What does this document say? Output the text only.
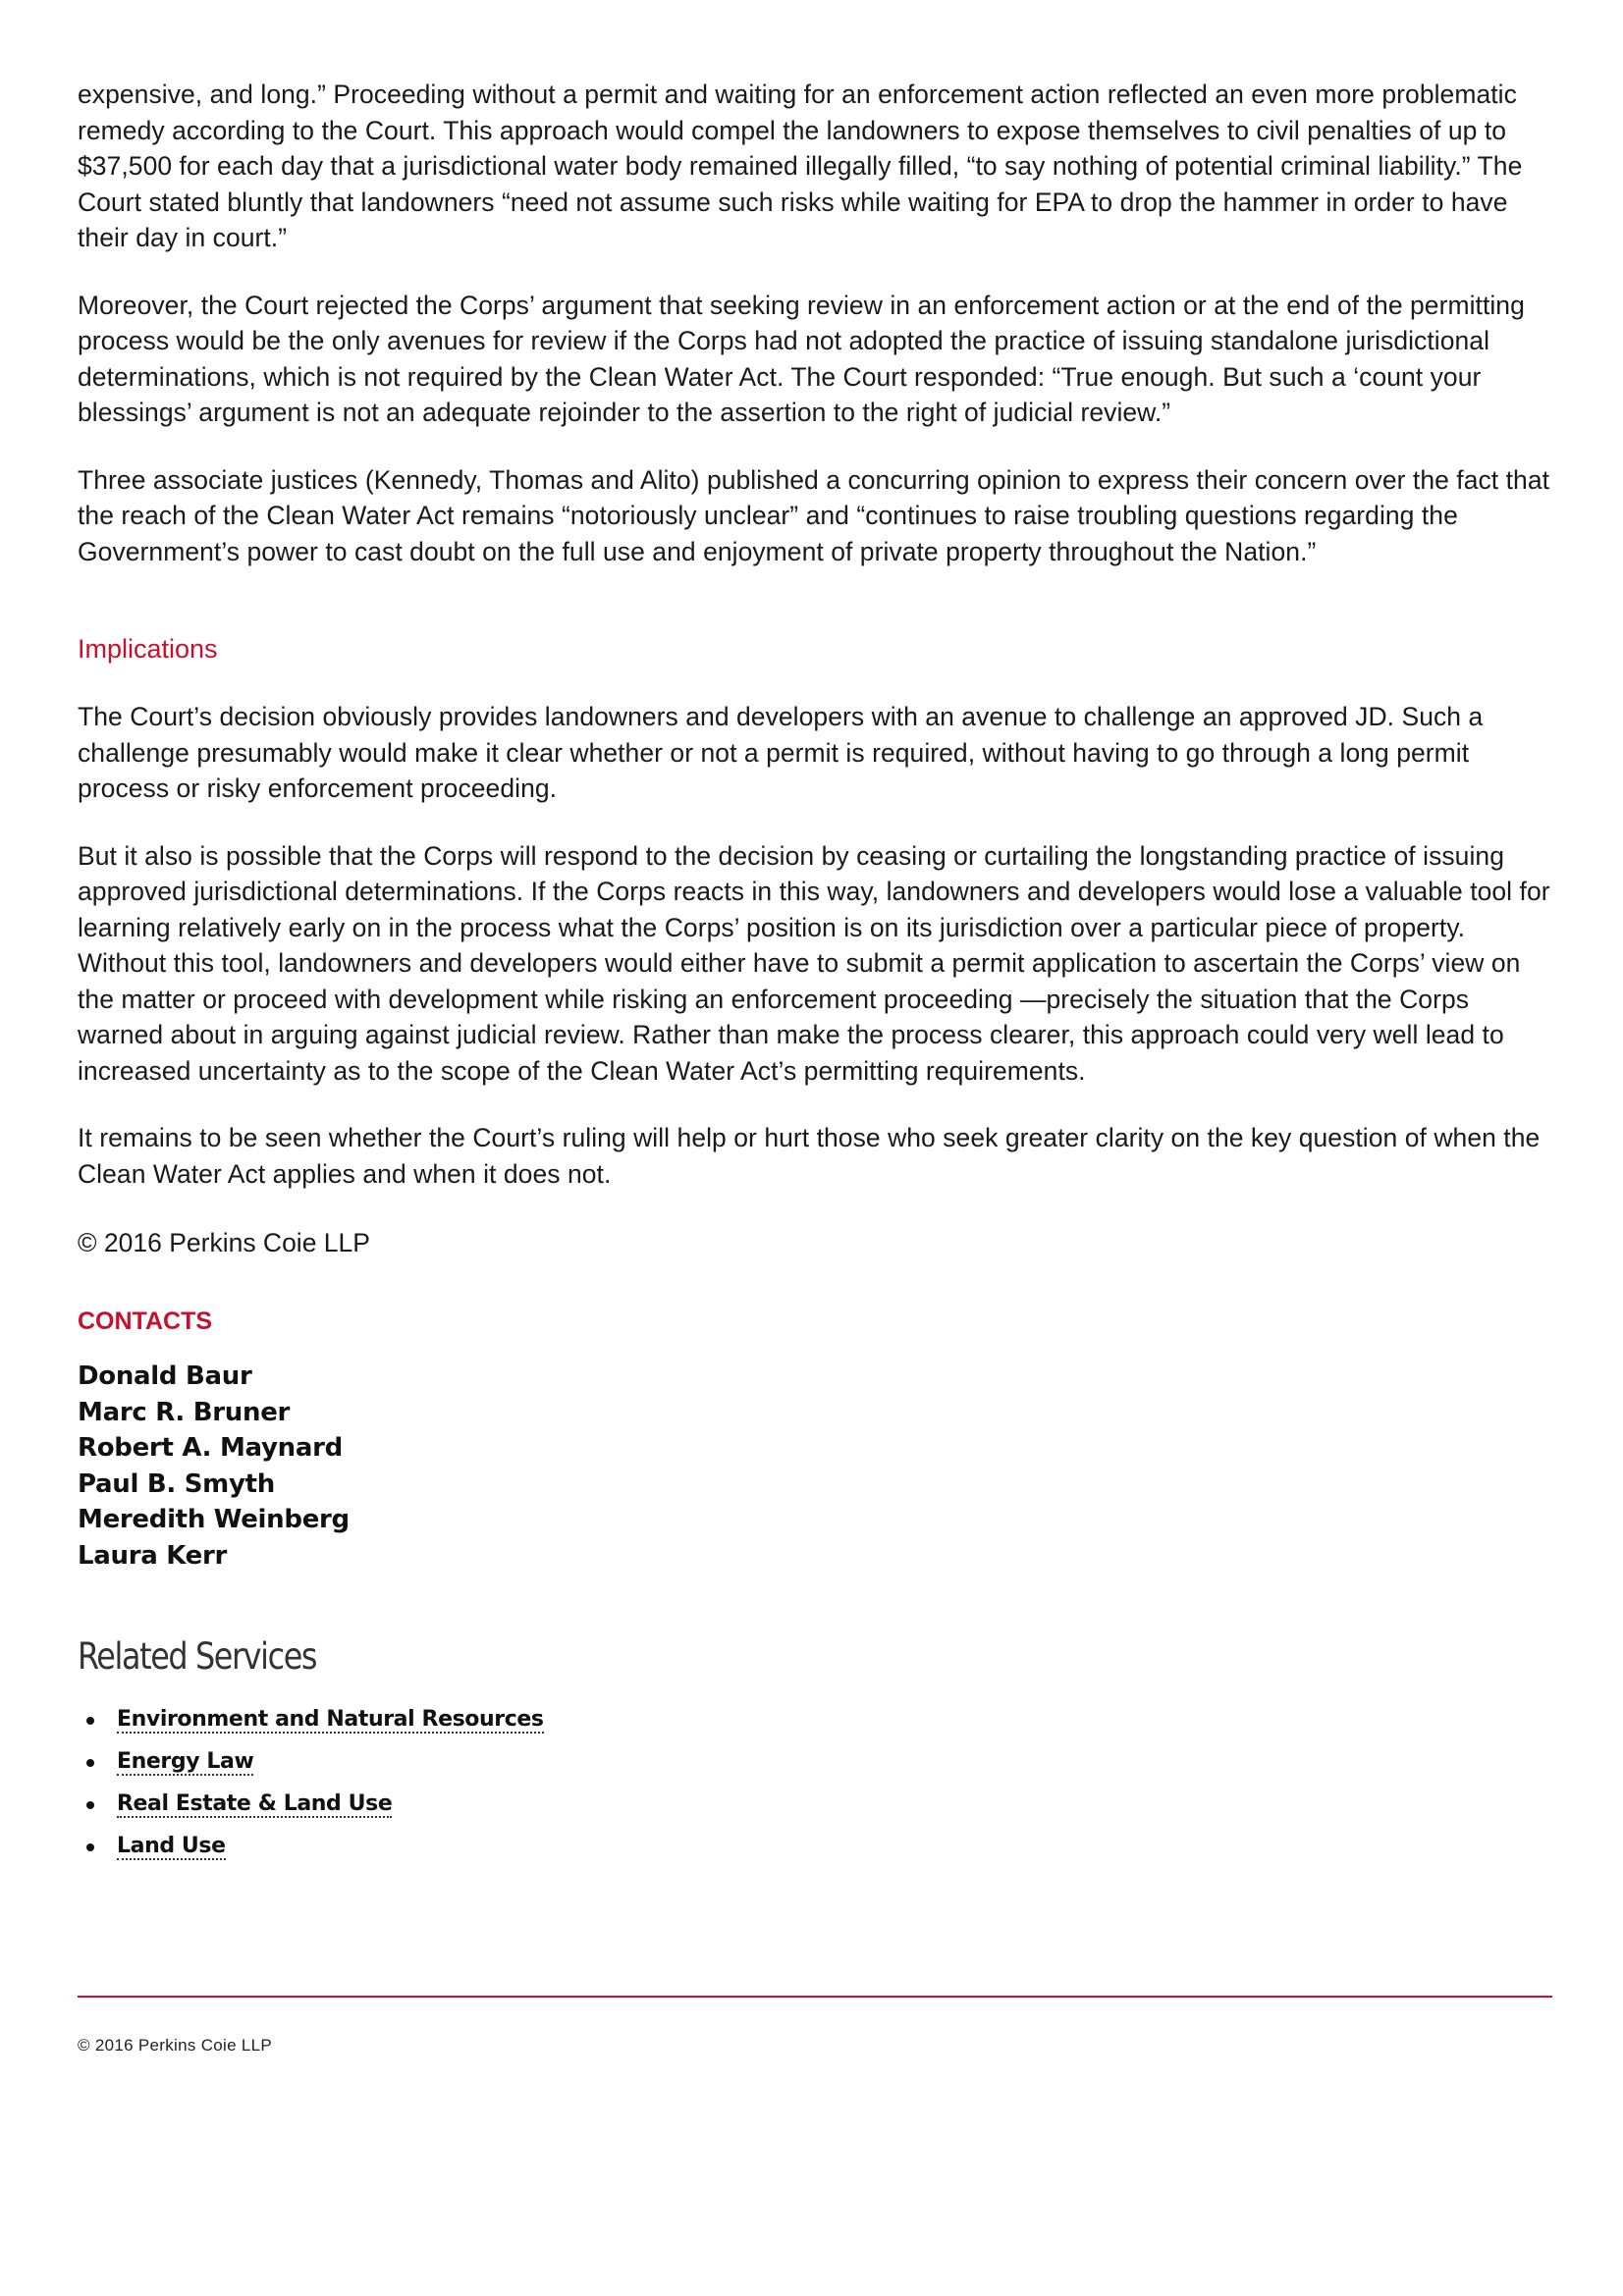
expensive, and long.” Proceeding without a permit and waiting for an enforcement action reflected an even more problematic remedy according to the Court. This approach would compel the landowners to expose themselves to civil penalties of up to $37,500 for each day that a jurisdictional water body remained illegally filled, “to say nothing of potential criminal liability.” The Court stated bluntly that landowners “need not assume such risks while waiting for EPA to drop the hammer in order to have their day in court.”

Moreover, the Court rejected the Corps’ argument that seeking review in an enforcement action or at the end of the permitting process would be the only avenues for review if the Corps had not adopted the practice of issuing standalone jurisdictional determinations, which is not required by the Clean Water Act. The Court responded: “True enough. But such a ‘count your blessings’ argument is not an adequate rejoinder to the assertion to the right of judicial review.”

Three associate justices (Kennedy, Thomas and Alito) published a concurring opinion to express their concern over the fact that the reach of the Clean Water Act remains “notoriously unclear” and “continues to raise troubling questions regarding the Government’s power to cast doubt on the full use and enjoyment of private property throughout the Nation.”

Implications

The Court’s decision obviously provides landowners and developers with an avenue to challenge an approved JD. Such a challenge presumably would make it clear whether or not a permit is required, without having to go through a long permit process or risky enforcement proceeding.

But it also is possible that the Corps will respond to the decision by ceasing or curtailing the longstanding practice of issuing approved jurisdictional determinations. If the Corps reacts in this way, landowners and developers would lose a valuable tool for learning relatively early on in the process what the Corps’ position is on its jurisdiction over a particular piece of property. Without this tool, landowners and developers would either have to submit a permit application to ascertain the Corps’ view on the matter or proceed with development while risking an enforcement proceeding —precisely the situation that the Corps warned about in arguing against judicial review. Rather than make the process clearer, this approach could very well lead to increased uncertainty as to the scope of the Clean Water Act’s permitting requirements.

It remains to be seen whether the Court’s ruling will help or hurt those who seek greater clarity on the key question of when the Clean Water Act applies and when it does not.

© 2016 Perkins Coie LLP
CONTACTS
Donald Baur
Marc R. Bruner
Robert A. Maynard
Paul B. Smyth
Meredith Weinberg
Laura Kerr
Related Services
Environment and Natural Resources
Energy Law
Real Estate & Land Use
Land Use
© 2016 Perkins Coie LLP
